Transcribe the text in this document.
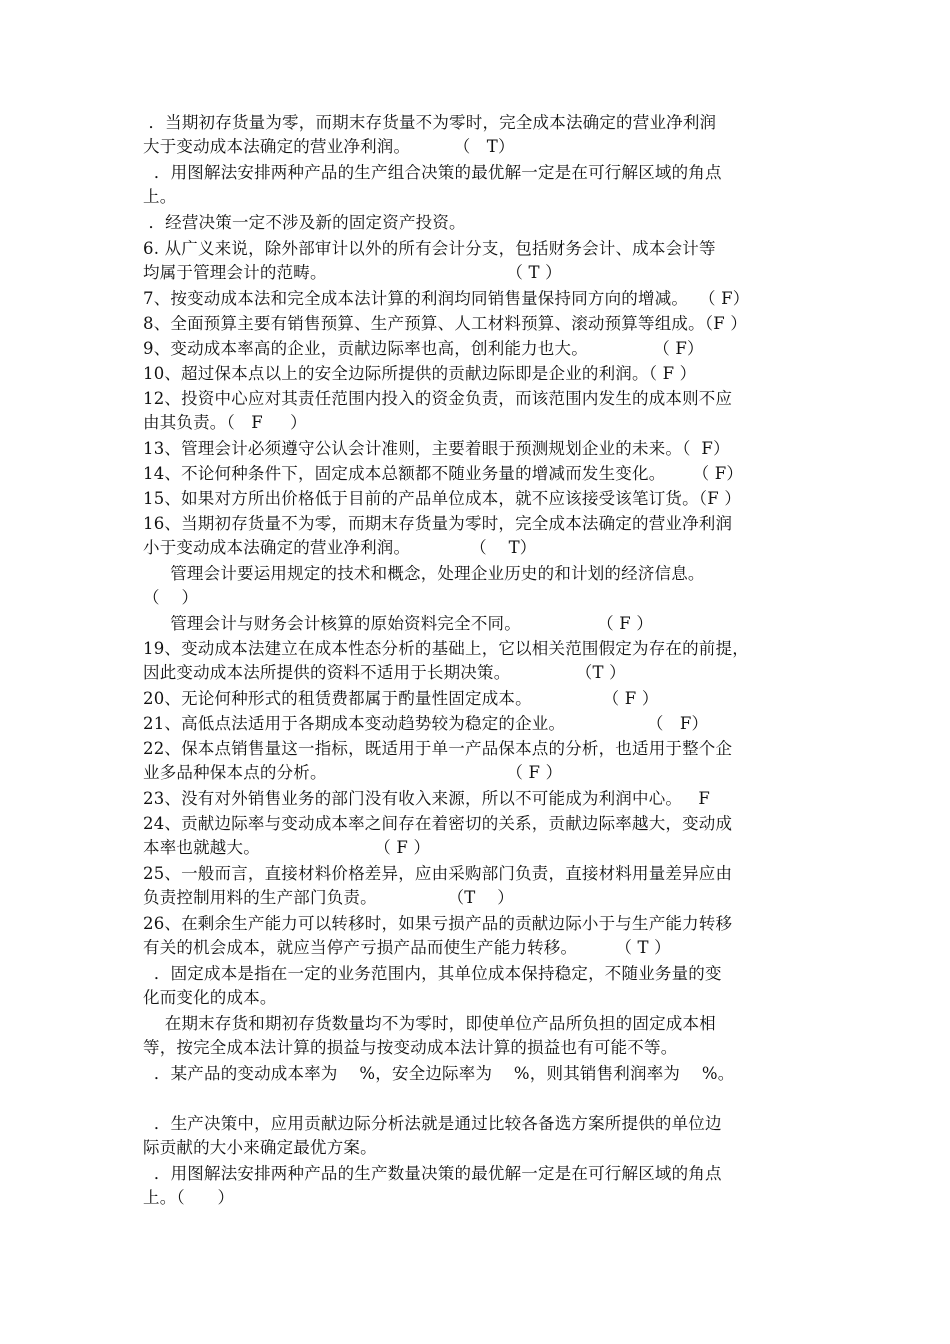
．当期初存货量为零，而期末存货量不为零时，完全成本法确定的营业净利润
大于变动成本法确定的营业净利润。        （   T）
．用图解法安排两种产品的生产组合决策的最优解一定是在可行解区域的角点
上。
．经营决策一定不涉及新的固定资产投资。
6. 从广义来说，除外部审计以外的所有会计分支，包括财务会计、成本会计等
均属于管理会计的范畴。                                 （ T ）
7、按变动成本法和完全成本法计算的利润均同销售量保持同方向的增减。  （ F）
8、全面预算主要有销售预算、生产预算、人工材料预算、滚动预算等组成。（F ）
9、变动成本率高的企业，贡献边际率也高，创利能力也大。            （ F）
10、超过保本点以上的安全边际所提供的贡献边际即是企业的利润。（ F ）
12、投资中心应对其责任范围内投入的资金负责，而该范围内发生的成本则不应
由其负责。（   F     ）
13、管理会计必须遵守公认会计准则，主要着眼于预测规划企业的未来。（  F）
14、不论何种条件下，固定成本总额都不随业务量的增减而发生变化。     （ F）
15、如果对方所出价格低于目前的产品单位成本，就不应该接受该笔订货。（F ）
16、当期初存货量不为零，而期末存货量为零时，完全成本法确定的营业净利润
小于变动成本法确定的营业净利润。           （    T）
管理会计要运用规定的技术和概念，处理企业历史的和计划的经济信息。
（    ）
管理会计与财务会计核算的原始资料完全不同。              （ F ）
19、变动成本法建立在成本性态分析的基础上，它以相关范围假定为存在的前提，
因此变动成本法所提供的资料不适用于长期决策。            （T ）
20、无论何种形式的租赁费都属于酌量性固定成本。             （ F ）
21、高低点法适用于各期成本变动趋势较为稳定的企业。               （   F）
22、保本点销售量这一指标，既适用于单一产品保本点的分析，也适用于整个企
业多品种保本点的分析。                                 （ F ）
23、没有对外销售业务的部门没有收入来源，所以不可能成为利润中心。   F
24、贡献边际率与变动成本率之间存在着密切的关系，贡献边际率越大，变动成
本率也就越大。                     （ F ）
25、一般而言，直接材料价格差异，应由采购部门负责，直接材料用量差异应由
负责控制用料的生产部门负责。             （T    ）
26、在剩余生产能力可以转移时，如果亏损产品的贡献边际小于与生产能力转移
有关的机会成本，就应当停产亏损产品而使生产能力转移。       （ T ）
．固定成本是指在一定的业务范围内，其单位成本保持稳定，不随业务量的变
化而变化的成本。
在期末存货和期初存货数量均不为零时，即使单位产品所负担的固定成本相
等，按完全成本法计算的损益与按变动成本法计算的损益也有可能不等。
．某产品的变动成本率为    %，安全边际率为    %，则其销售利润率为    %。
．生产决策中，应用贡献边际分析法就是通过比较各备选方案所提供的单位边
际贡献的大小来确定最优方案。
．用图解法安排两种产品的生产数量决策的最优解一定是在可行解区域的角点
上。（      ）
